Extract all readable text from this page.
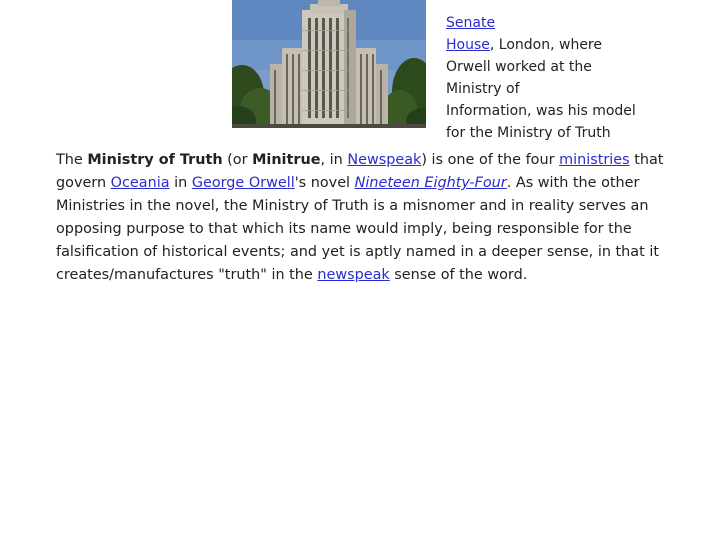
Senate
House, London, where
Orwell worked at the
Ministry of
Information, was his model
for the Ministry of Truth
The Ministry of Truth (or Minitrue, in Newspeak) is one of the four ministries that
govern Oceania in George Orwell's novel Nineteen Eighty-Four. As with the other
Ministries in the novel, the Ministry of Truth is a misnomer and in reality serves an
opposing purpose to that which its name would imply, being responsible for the
falsification of historical events; and yet is aptly named in a deeper sense, in that it
creates/manufactures "truth" in the newspeak sense of the word.
